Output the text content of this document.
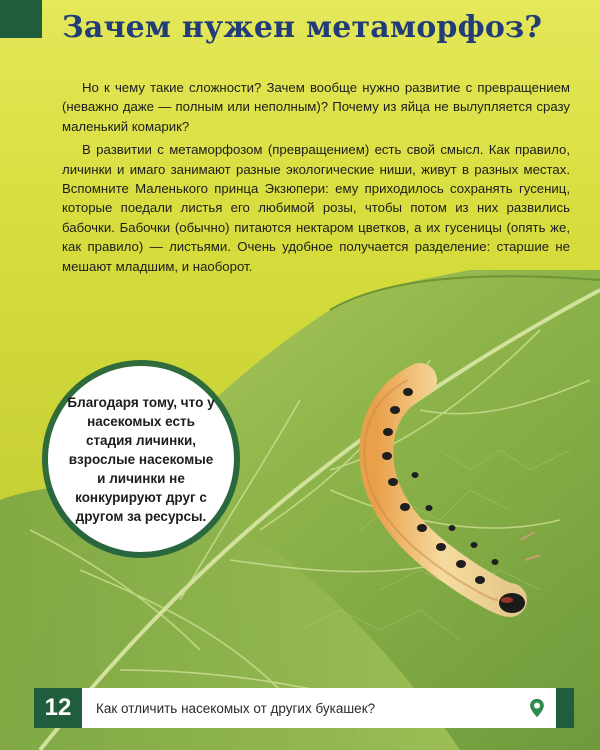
Зачем нужен метаморфоз?

Но к чему такие сложности? Зачем вообще нужно развитие с превращением (неважно даже — полным или неполным)? Почему из яйца не вылупляется сразу маленький комарик?

В развитии с метаморфозом (превращением) есть свой смысл. Как правило, личинки и имаго занимают разные экологические ниши, живут в разных местах. Вспомните Маленького принца Экзюпери: ему приходилось сохранять гусениц, которые поедали листья его любимой розы, чтобы потом из них развились бабочки. Бабочки (обычно) питаются нектаром цветков, а их гусеницы (опять же, как правило) — листьями. Очень удобное получается разделение: старшие не мешают младшим, и наоборот.

Благодаря тому, что у насекомых есть стадия личинки, взрослые насекомые и личинки не конкурируют друг с другом за ресурсы.
12	Как отличить насекомых от других букашек?
